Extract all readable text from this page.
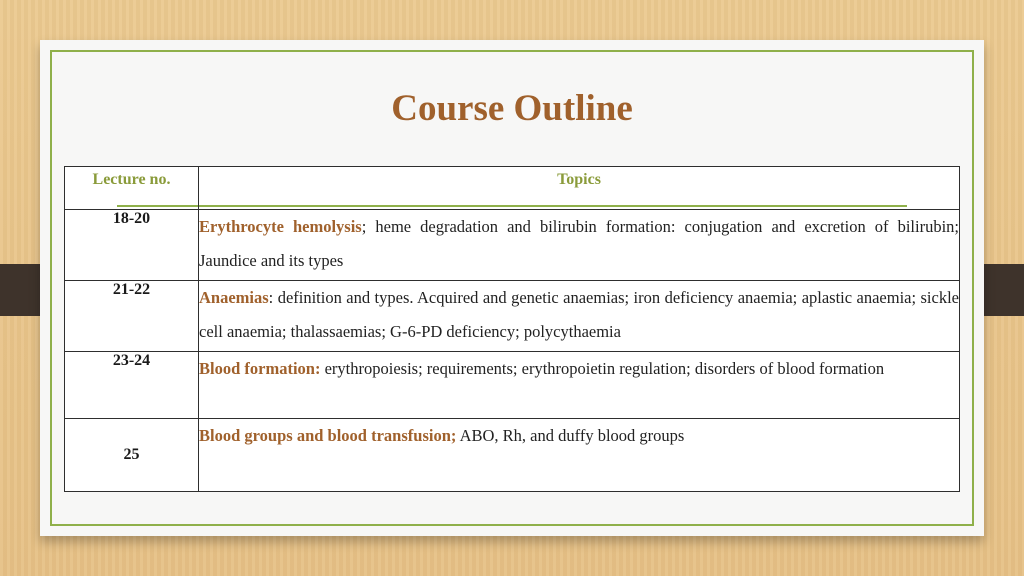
Course Outline
Lecture no.	Topics

18-20	Erythrocyte hemolysis; heme degradation and bilirubin formation: conjugation and excretion of bilirubin; Jaundice and its types
21-22	Anaemias: definition and types. Acquired and genetic anaemias; iron deficiency anaemia; aplastic anaemia; sickle cell anaemia; thalassaemias; G-6-PD deficiency; polycythaemia
23-24	Blood formation: erythropoiesis; requirements; erythropoietin regulation; disorders of blood formation
25	Blood groups and blood transfusion; ABO, Rh, and duffy blood groups
